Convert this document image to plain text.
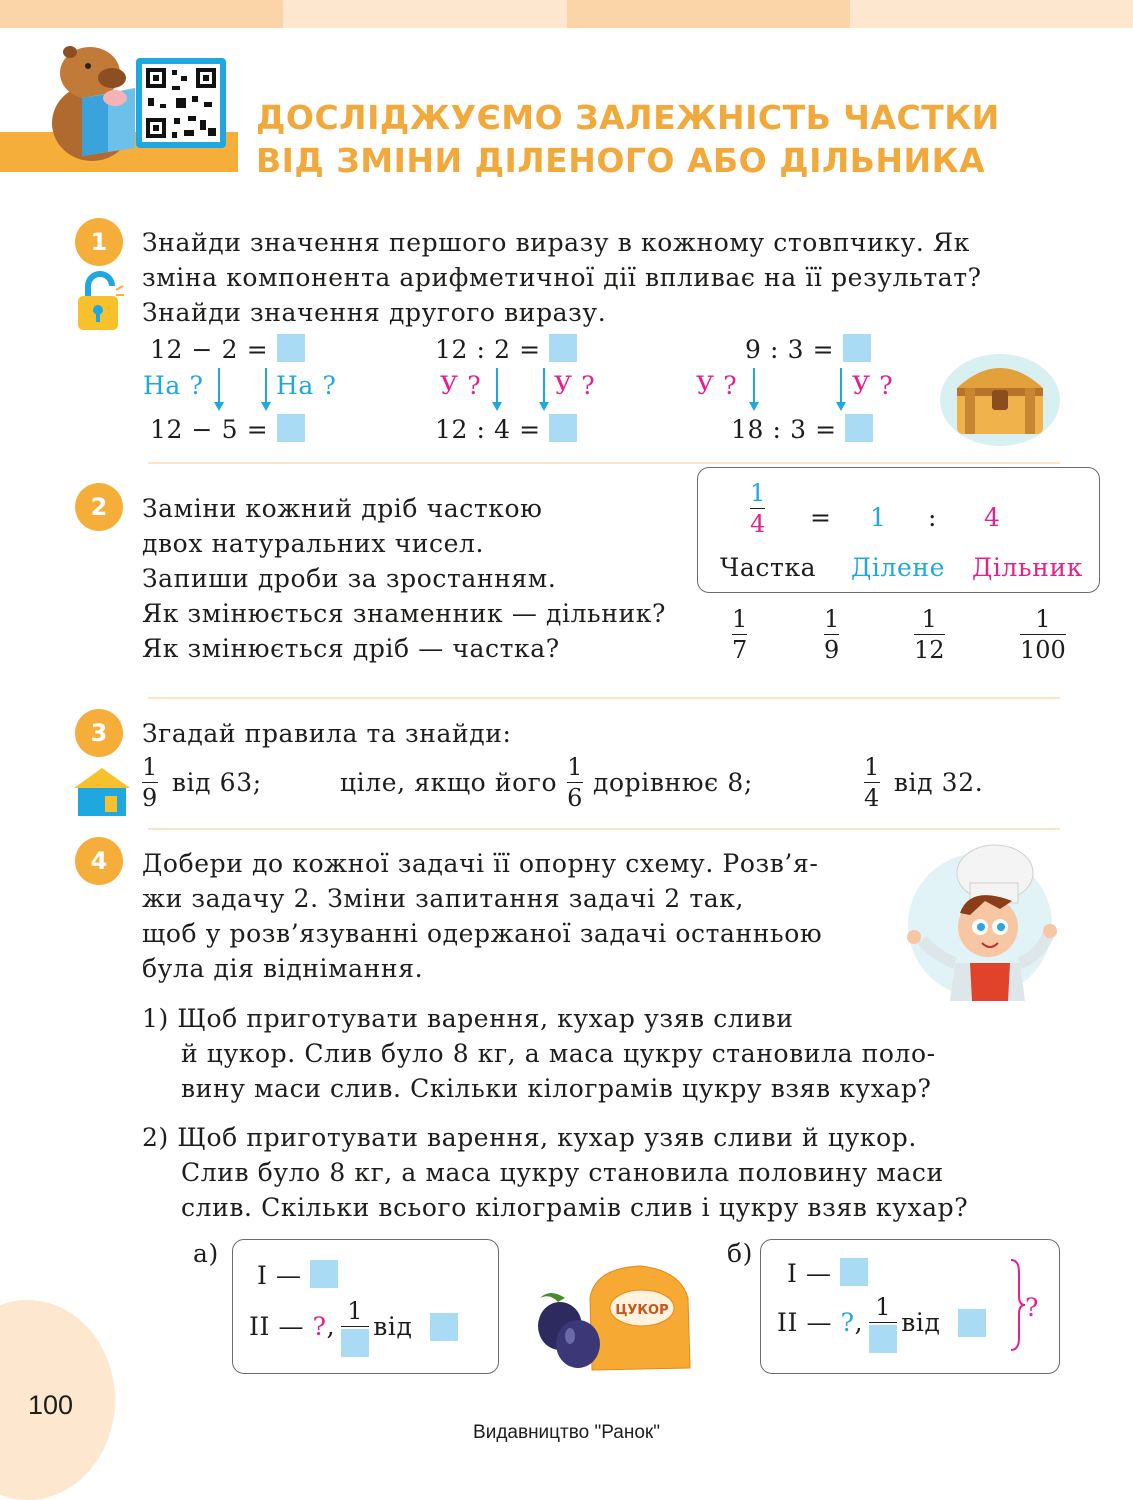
ДОСЛІДЖУЄМО ЗАЛЕЖНІСТЬ ЧАСТКИ
ВІД ЗМІНИ ДІЛЕНОГО АБО ДІЛЬНИКА
1	Знайди значення першого виразу в кожному стовпчику. Як
зміна компонента арифметичної дії впливає на її результат?
Знайди значення другого виразу.
12 − 2 =
На ?	На ?
12 − 5 =
12 : 2 =
У ?	У ?
12 : 4 =
9 : 3 =
У ?	У ?
18 : 3 =
2	Заміни кожний дріб часткою
двох натуральних чисел.
Запиши дроби за зростанням.
Як змінюється знаменник — дільник?
Як змінюється дріб — частка?
1
4 = 1 : 4
Частка Ділене Дільник
1
7
1
9
1
12
1
100
3	Згадай правила та знайди:
$\frac{1}{9}$ від 63;	ціле, якщо його $\frac{1}{6}$ дорівнює 8;	$\frac{1}{4}$ від 32.
4	Добери до кожної задачі її опорну схему. Розв’я-
жи задачу 2. Зміни запитання задачі 2 так,
щоб у розв’язуванні одержаної задачі останньою
була дія віднімання.
1) Щоб приготувати варення, кухар узяв сливи
й цукор. Слив було 8 кг, а маса цукру становила поло-
вину маси слив. Скільки кілограмів цукру взяв кухар?
2) Щоб приготувати варення, кухар узяв сливи й цукор.
Слив було 8 кг, а маса цукру становила половину маси
слив. Скільки всього кілограмів слив і цукру взяв кухар?
а)
І —
ІІ —
? ,
1
від

ЦУКОР
б)
І —
ІІ —
? ,
1
від

?
100
Видавництво "Ранок"
